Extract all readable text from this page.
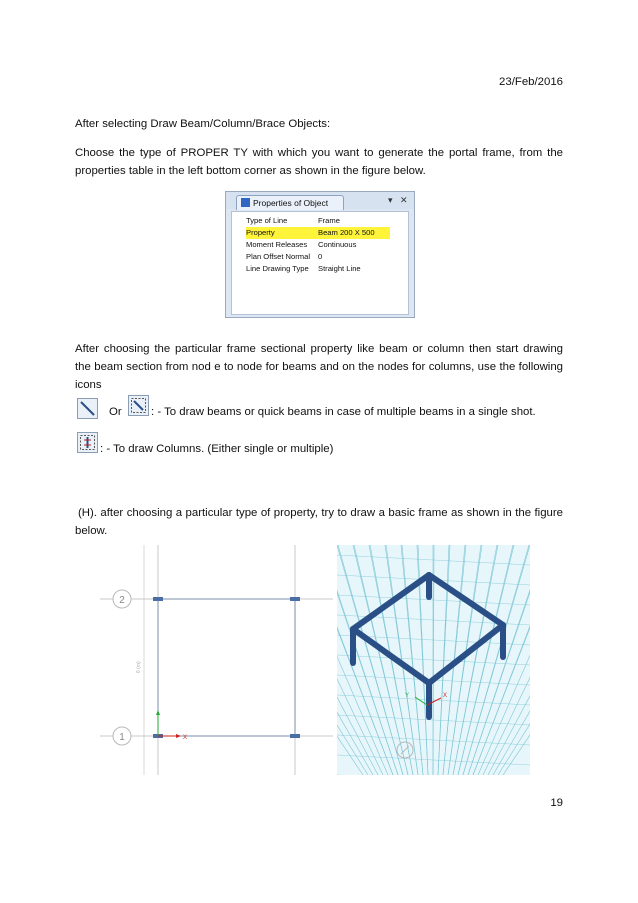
23/Feb/2016
After selecting Draw Beam/Column/Brace Objects:
Choose the type of PROPER TY with which you want to generate the portal frame, from the
properties table in the left bottom corner as shown in the figure below.
Properties of Object	▾ ✕
Type of Line	Frame
Property	Beam 200 X 500
Moment Releases	Continuous
Plan Offset Normal	0
Line Drawing Type	Straight Line
After choosing the particular frame sectional property like beam or column then start drawing
the beam section from nod e to node for beams and on the nodes for columns, use the following
icons
Or	: - To draw beams or quick beams in case of multiple beams in a single shot.
: - To draw Columns. (Either single or multiple)
(H). after choosing a particular type of property, try to draw a basic frame as shown in the figure
below.
2
1
6 (m)
X
Y	X
19
